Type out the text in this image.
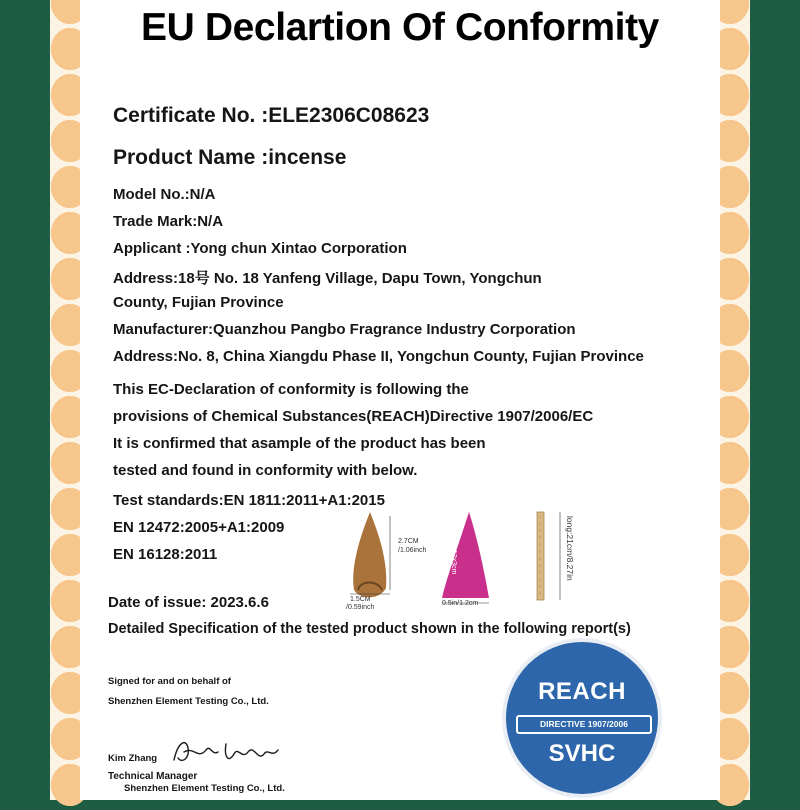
EU Declartion Of Conformity
Certificate No. :ELE2306C08623
Product Name :incense
Model No.:N/A
Trade Mark:N/A
Applicant :Yong chun Xintao Corporation
Address:18号 No. 18 Yanfeng Village, Dapu Town, Yongchun
County, Fujian Province
Manufacturer:Quanzhou Pangbo Fragrance Industry Corporation
Address:No. 8, China Xiangdu Phase II, Yongchun County, Fujian Province
This EC-Declaration of conformity is following the
provisions of Chemical Substances(REACH)Directive 1907/2006/EC
It is confirmed that asample of the product has been
tested and found in conformity with below.
Test standards:EN 1811:2011+A1:2015
EN 12472:2005+A1:2009
EN 16128:2011
2.7CM
/1.06inch
1.5CM
/0.59inch
12x3cm
0.5in/1.2cm
long:21cm/8.27in
Date of issue: 2023.6.6
Detailed Specification of the tested product shown in the following report(s)
Signed for and on behalf of
Shenzhen Element Testing Co., Ltd.
Kim Zhang
Technical Manager
Shenzhen Element Testing Co., Ltd.
REACH
DIRECTIVE 1907/2006
SVHC
